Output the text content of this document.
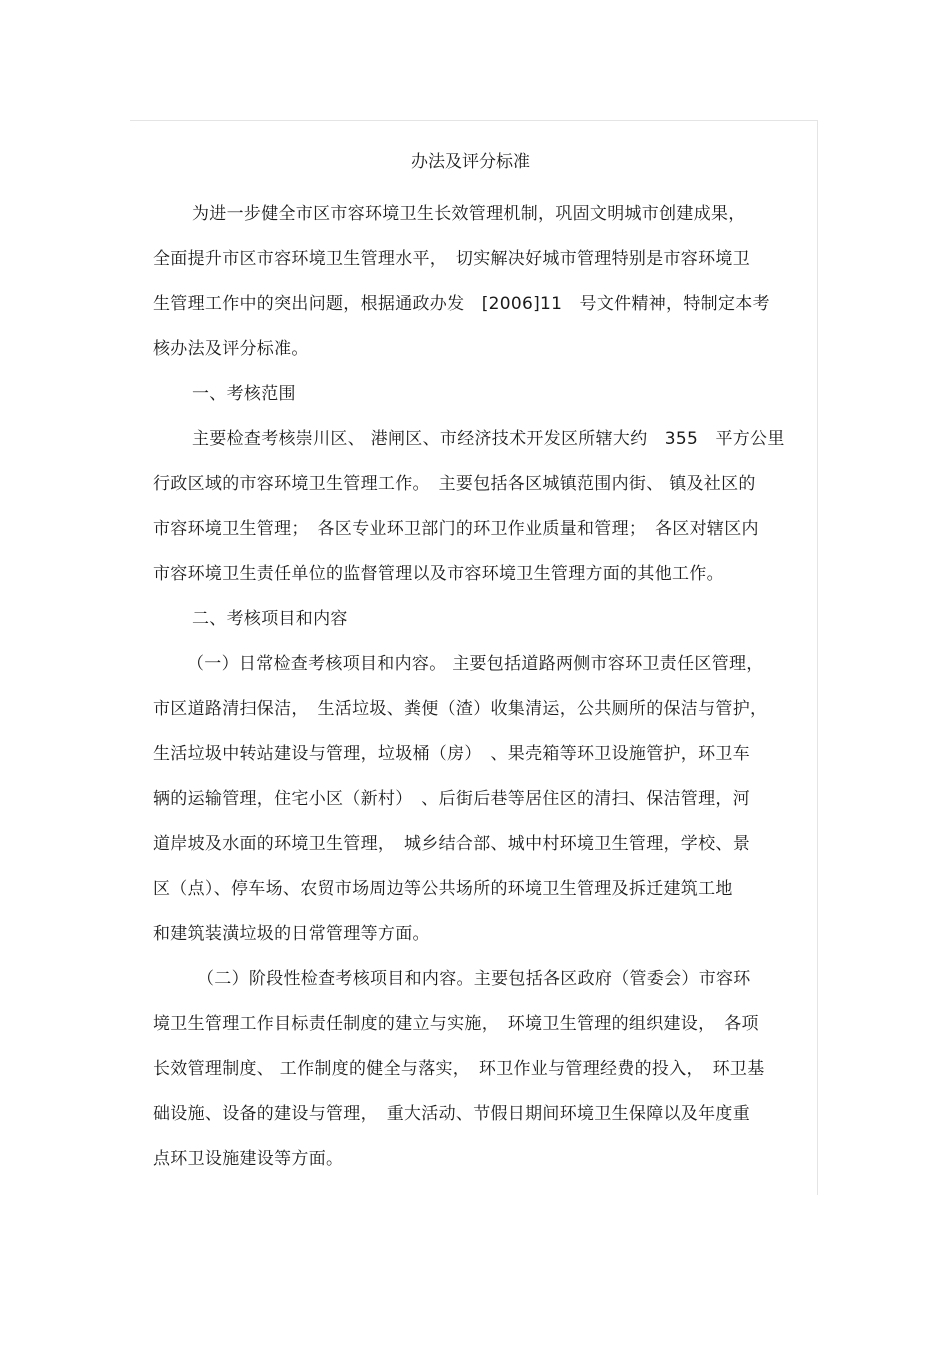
办法及评分标准
为进一步健全市区市容环境卫生长效管理机制，巩固文明城市创建成果，
全面提升市区市容环境卫生管理水平，　切实解决好城市管理特别是市容环境卫
生管理工作中的突出问题，根据通政办发　[2006]11　号文件精神，特制定本考
核办法及评分标准。
一、考核范围
主要检查考核崇川区、 港闸区、市经济技术开发区所辖大约　355　平方公里
行政区域的市容环境卫生管理工作。　主要包括各区城镇范围内街、 镇及社区的
市容环境卫生管理；　各区专业环卫部门的环卫作业质量和管理；　各区对辖区内
市容环境卫生责任单位的监督管理以及市容环境卫生管理方面的其他工作。
二、考核项目和内容
（一）日常检查考核项目和内容。 主要包括道路两侧市容环卫责任区管理，
市区道路清扫保洁，　生活垃圾、粪便（渣）收集清运，公共厕所的保洁与管护，
生活垃圾中转站建设与管理，垃圾桶（房）　、果壳箱等环卫设施管护，环卫车
辆的运输管理，住宅小区（新村）　、后街后巷等居住区的清扫、保洁管理，河
道岸坡及水面的环境卫生管理，　城乡结合部、城中村环境卫生管理，学校、景
区（点）、停车场、农贸市场周边等公共场所的环境卫生管理及拆迁建筑工地
和建筑装潢垃圾的日常管理等方面。
（二）阶段性检查考核项目和内容。主要包括各区政府（管委会）市容环
境卫生管理工作目标责任制度的建立与实施，　环境卫生管理的组织建设，　各项
长效管理制度、 工作制度的健全与落实，　环卫作业与管理经费的投入，　环卫基
础设施、设备的建设与管理，　重大活动、节假日期间环境卫生保障以及年度重
点环卫设施建设等方面。
